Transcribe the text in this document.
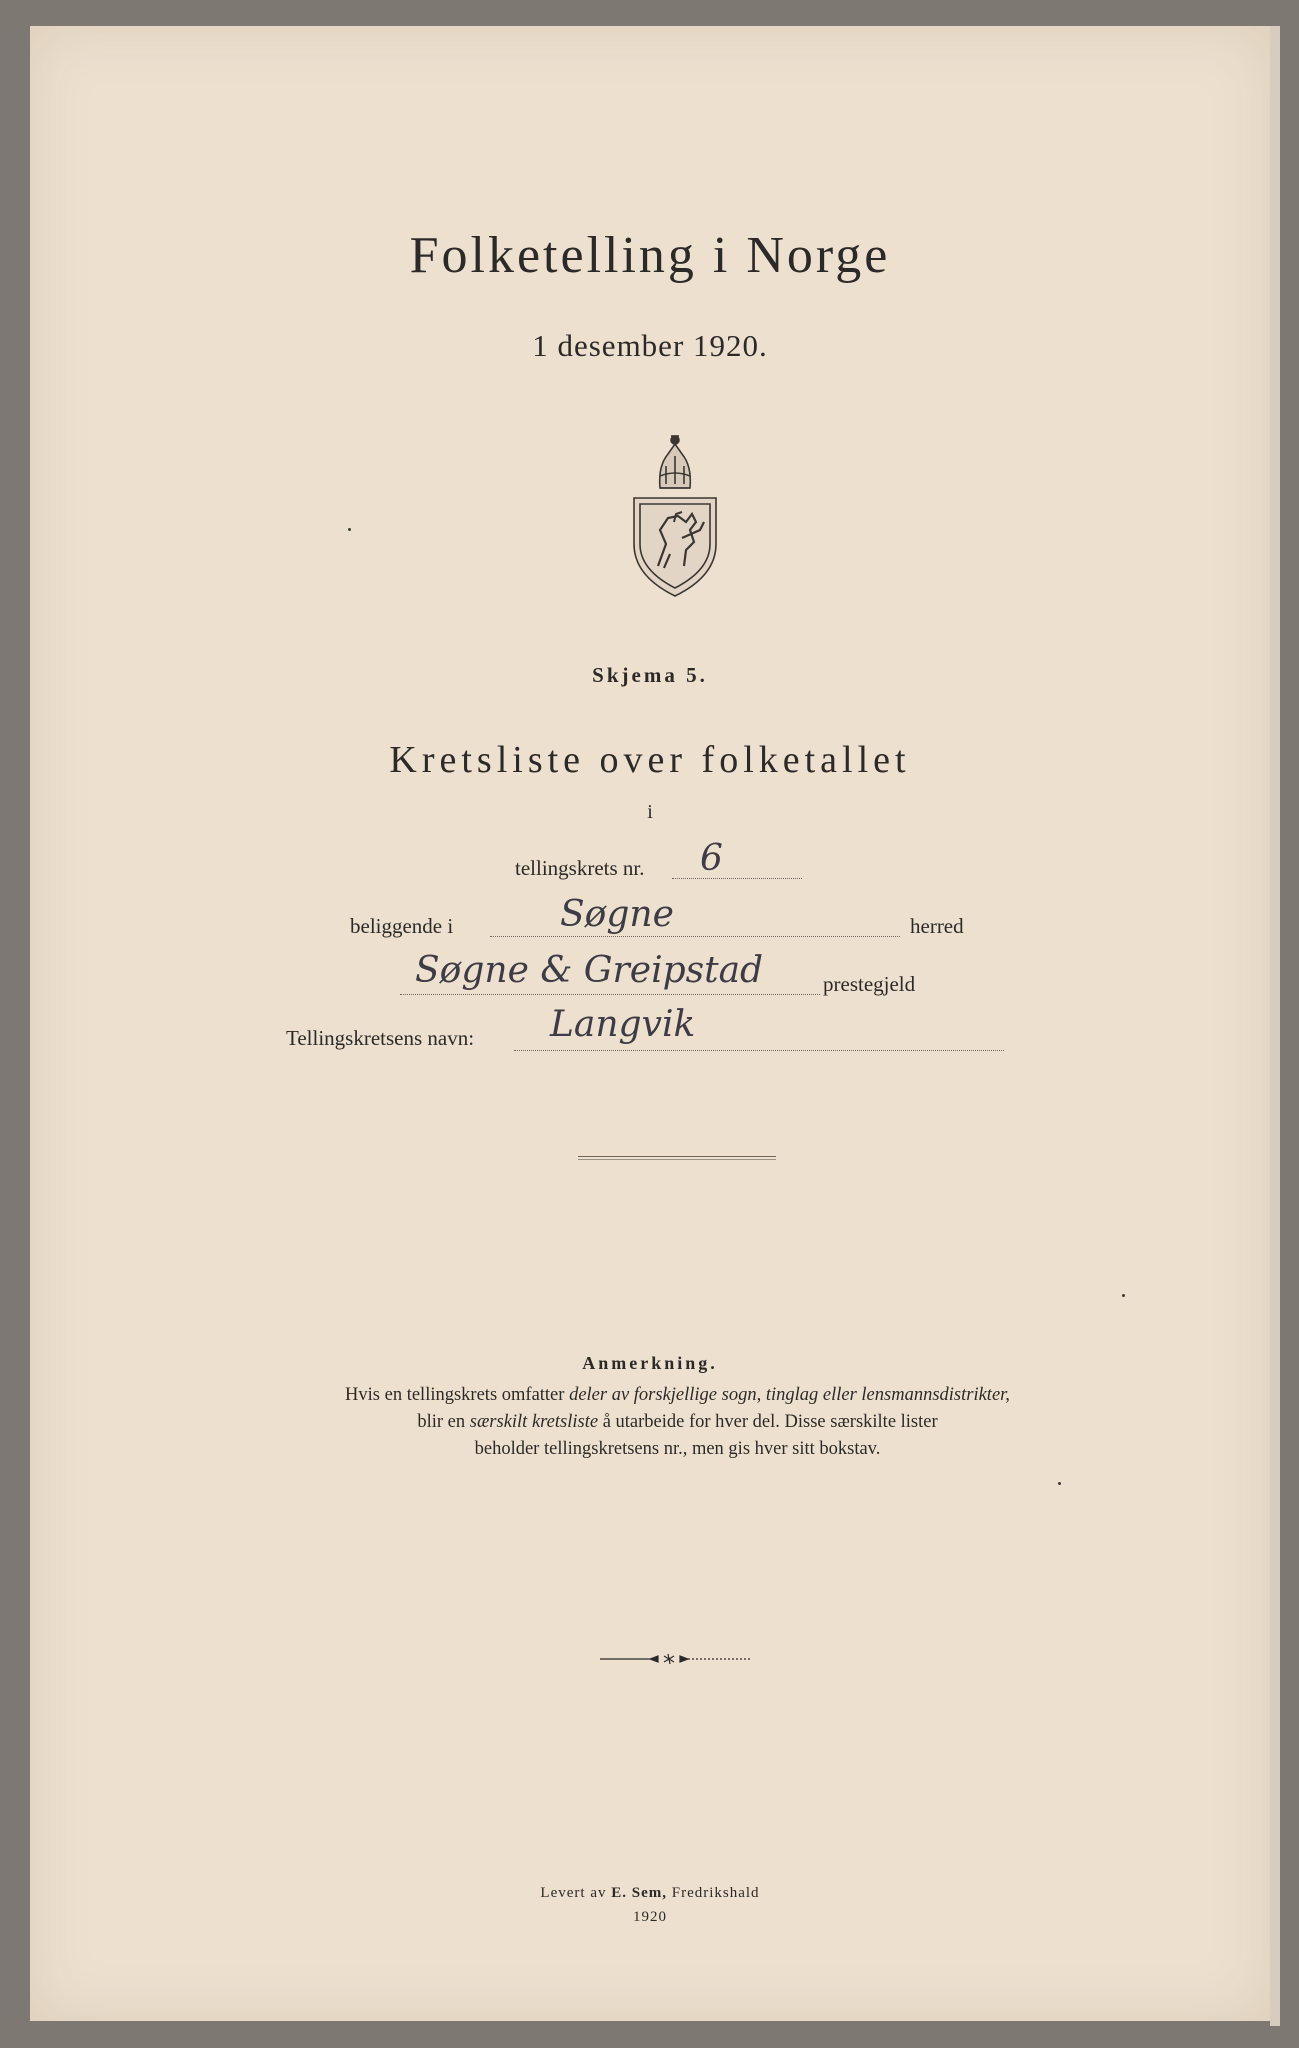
Folketelling i Norge
1 desember 1920.
Skjema 5.
Kretsliste over folketallet
i
tellingskrets nr. 6
beliggende i	Søgne	herred
Søgne & Greipstad	prestegjeld
Tellingskretsens navn: Langvik
Anmerkning.

Hvis en tellingskrets omfatter deler av forskjellige sogn, tinglag eller lensmannsdistrikter,

blir en særskilt kretsliste å utarbeide for hver del. Disse særskilte lister

beholder tellingskretsens nr., men gis hver sitt bokstav.

Levert av E. Sem, Fredrikshald
1920
